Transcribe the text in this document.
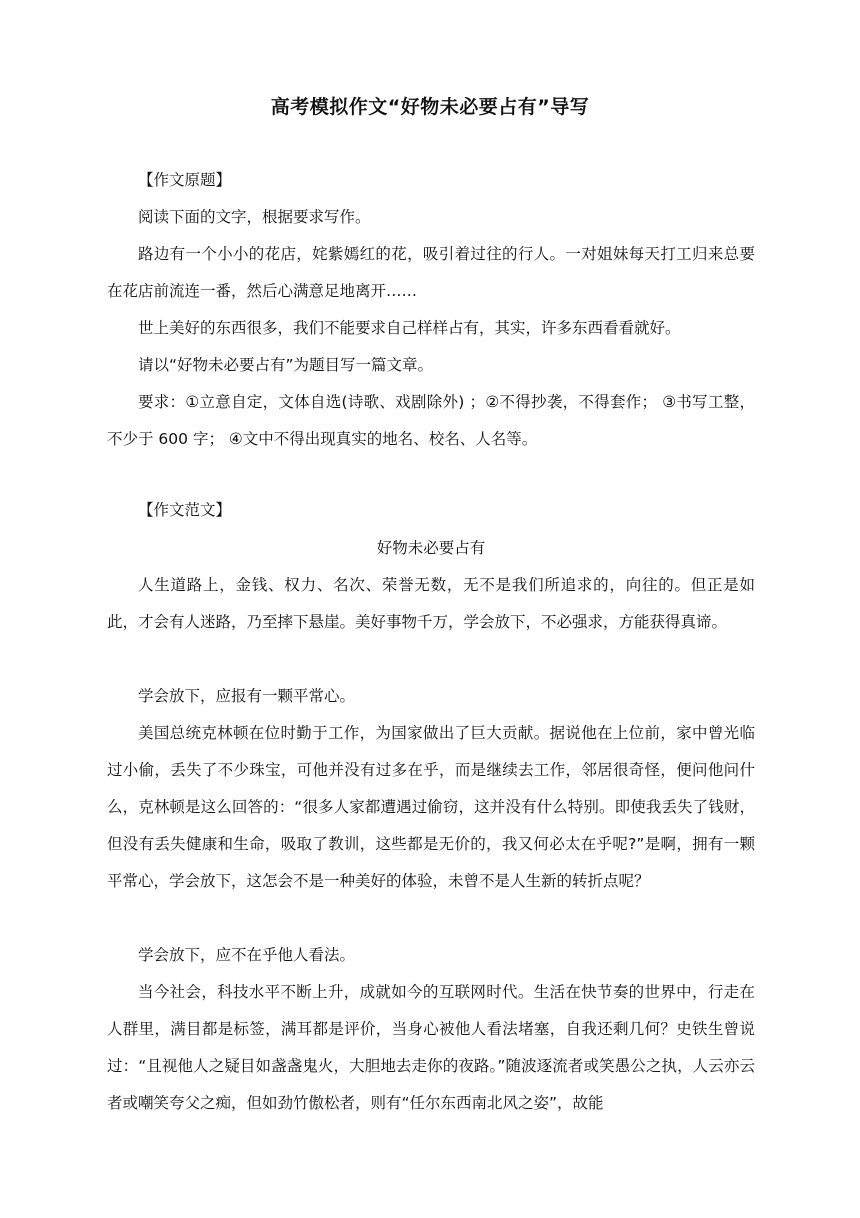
高考模拟作文“好物未必要占有”导写

【作文原题】

阅读下面的文字，根据要求写作。

路边有一个小小的花店，姹紫嫣红的花，吸引着过往的行人。一对姐妹每天打工归来总要在花店前流连一番，然后心满意足地离开……

世上美好的东西很多，我们不能要求自己样样占有，其实，许多东西看看就好。

请以“好物未必要占有”为题目写一篇文章。

要求：①立意自定，文体自选(诗歌、戏剧除外) ；②不得抄袭，不得套作； ③书写工整，不少于 600 字； ④文中不得出现真实的地名、校名、人名等。

【作文范文】

好物未必要占有

人生道路上，金钱、权力、名次、荣誉无数，无不是我们所追求的，向往的。但正是如此，才会有人迷路，乃至摔下悬崖。美好事物千万，学会放下，不必强求，方能获得真谛。

学会放下，应报有一颗平常心。

美国总统克林顿在位时勤于工作，为国家做出了巨大贡献。据说他在上位前，家中曾光临过小偷，丢失了不少珠宝，可他并没有过多在乎，而是继续去工作，邻居很奇怪，便问他问什么，克林顿是这么回答的：“很多人家都遭遇过偷窃，这并没有什么特别。即使我丢失了钱财，但没有丢失健康和生命，吸取了教训，这些都是无价的，我又何必太在乎呢?”是啊，拥有一颗平常心，学会放下，这怎会不是一种美好的体验，未曾不是人生新的转折点呢？

学会放下，应不在乎他人看法。

当今社会，科技水平不断上升，成就如今的互联网时代。生活在快节奏的世界中，行走在人群里，满目都是标签，满耳都是评价，当身心被他人看法堵塞，自我还剩几何？史铁生曾说过：“且视他人之疑目如盏盏鬼火，大胆地去走你的夜路。”随波逐流者或笑愚公之执，人云亦云者或嘲笑夸父之痴，但如劲竹傲松者，则有“任尔东西南北风之姿”，故能
